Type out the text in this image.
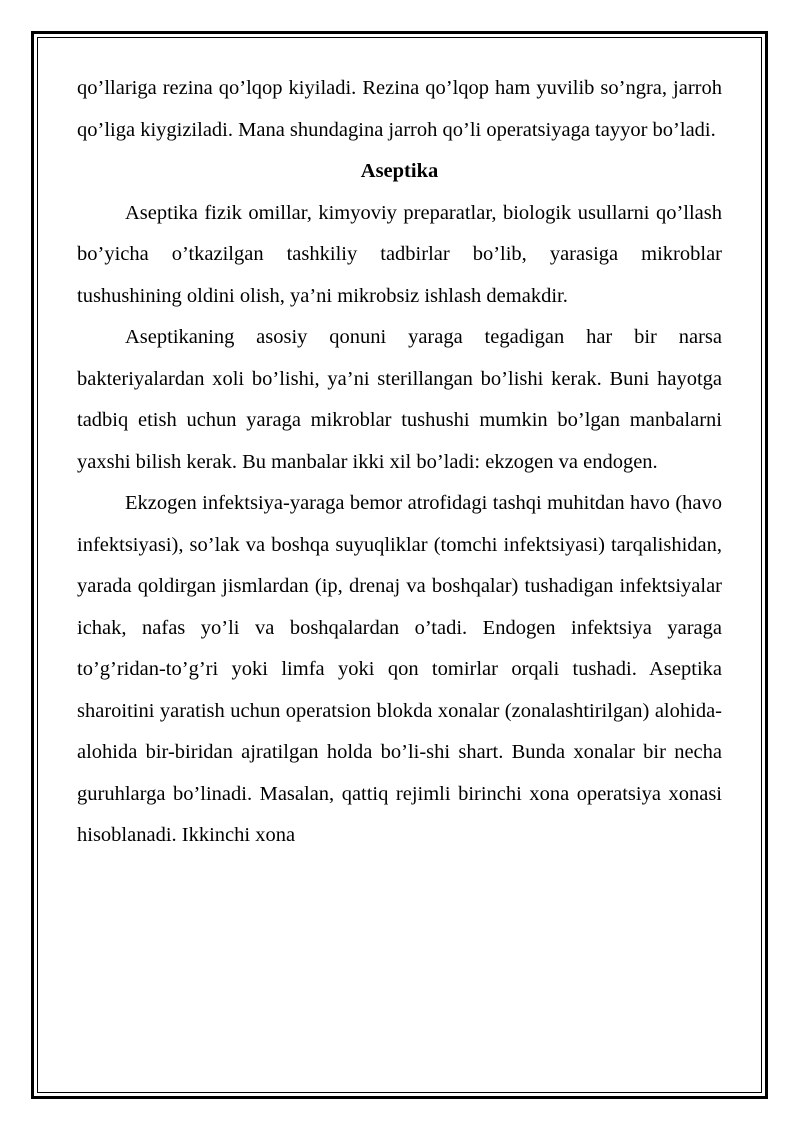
qo’llariga rezina qo’lqop kiyiladi. Rezina qo’lqop ham yuvilib so’ngra, jarroh qo’liga kiygiziladi. Mana shundagina jarroh qo’li operatsiyaga tayyor bo’ladi.

Aseptika

Aseptika fizik omillar, kimyoviy preparatlar, biologik usullarni qo’llash bo’yicha o’tkazilgan tashkiliy tadbirlar bo’lib, yarasiga mikroblar tushushining oldini olish, ya’ni mikrobsiz ishlash demakdir.

Aseptikaning asosiy qonuni yaraga tegadigan har bir narsa bakteriyalardan xoli bo’lishi, ya’ni sterillangan bo’lishi kerak. Buni hayotga tadbiq etish uchun yaraga mikroblar tushushi mumkin bo’lgan manbalarni yaxshi bilish kerak. Bu manbalar ikki xil bo’ladi: ekzogen va endogen.

Ekzogen infektsiya-yaraga bemor atrofidagi tashqi muhitdan havo (havo infektsiyasi), so’lak va boshqa suyuqliklar (tomchi infektsiyasi) tarqalishidan, yarada qoldirgan jismlardan (ip, drenaj va boshqalar) tushadigan infektsiyalar ichak, nafas yo’li va boshqalardan o’tadi. Endogen infektsiya yaraga to’g’ridan-to’g’ri yoki limfa yoki qon tomirlar orqali tushadi. Aseptika sharoitini yaratish uchun operatsion blokda xonalar (zonalashtirilgan) alohida-alohida bir-biridan ajratilgan holda bo’li-shi shart. Bunda xonalar bir necha guruhlarga bo’linadi. Masalan, qattiq rejimli birinchi xona operatsiya xonasi hisoblanadi. Ikkinchi xona
